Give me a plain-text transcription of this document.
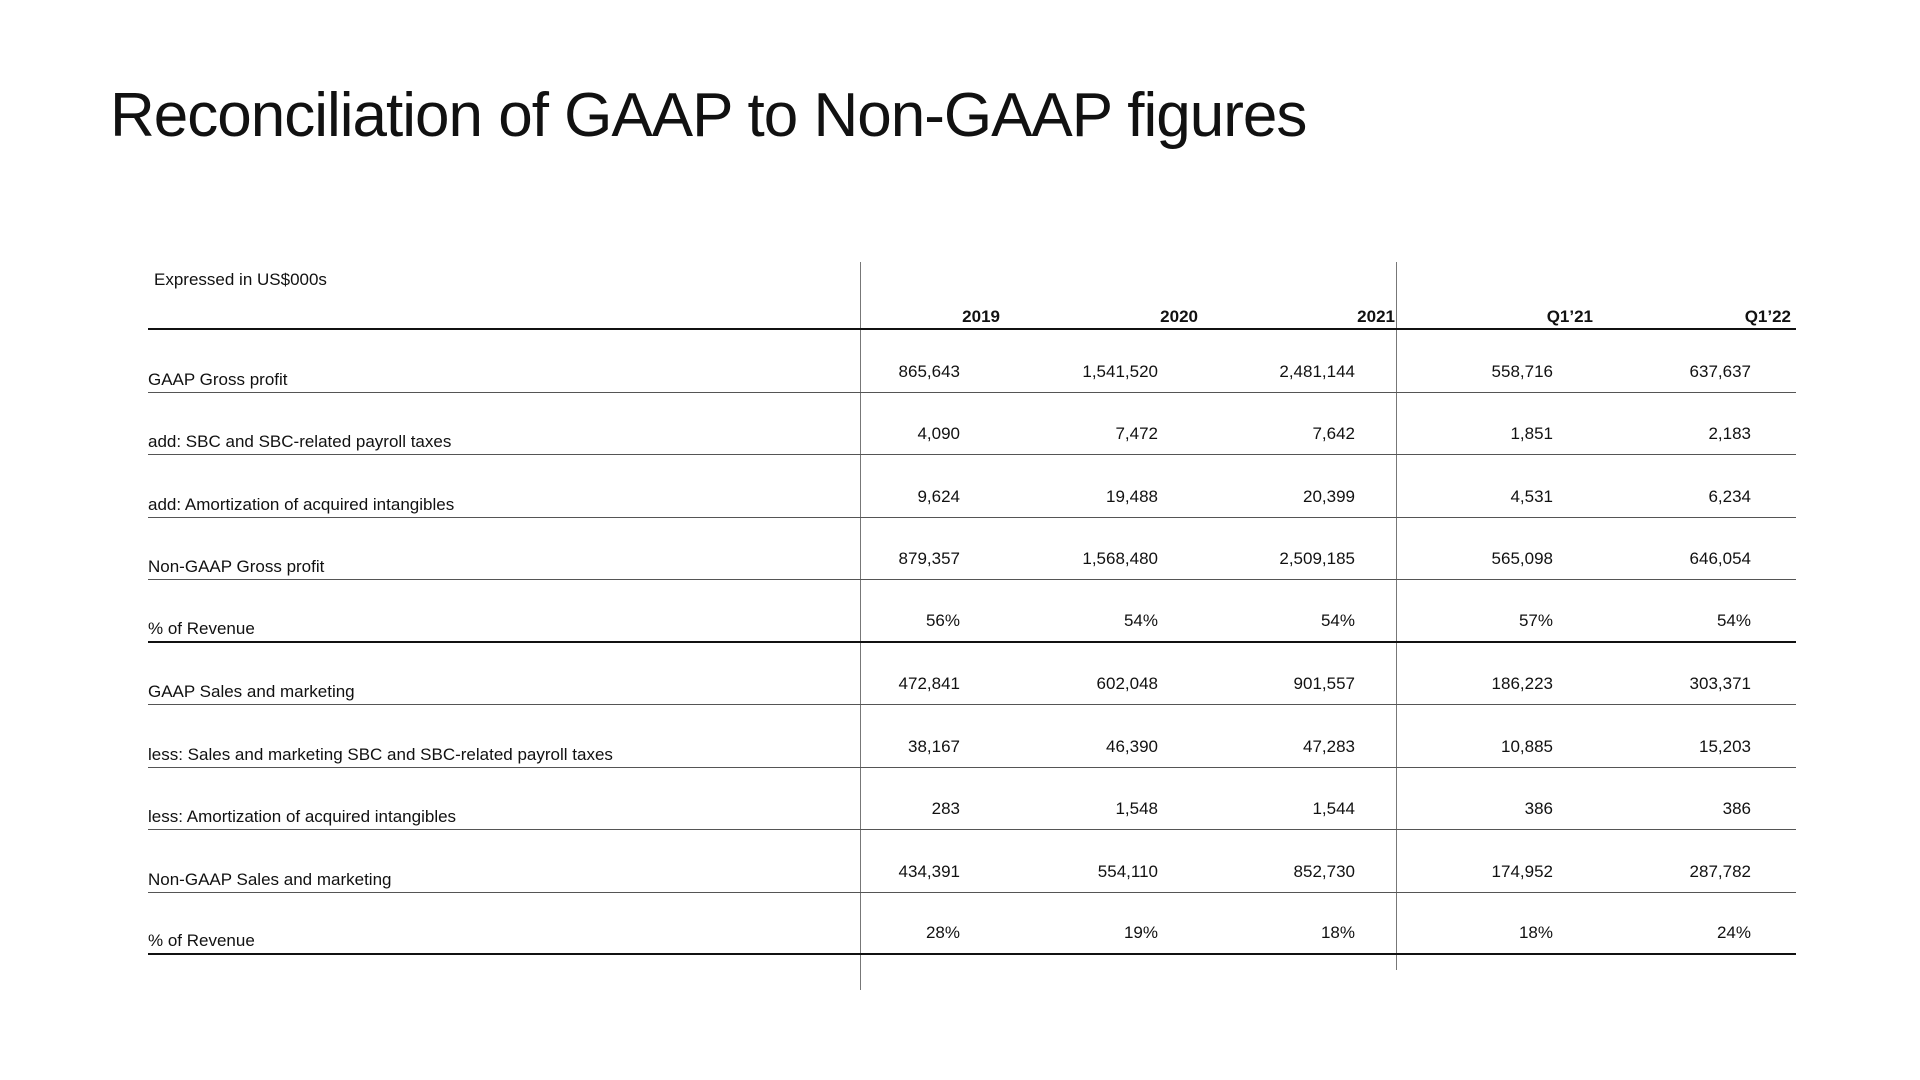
Reconciliation of GAAP to Non-GAAP figures
Expressed in US$000s
2019	2020	2021	Q1’21	Q1’22
GAAP Gross profit	865,643	1,541,520	2,481,144	558,716	637,637
add: SBC and SBC-related payroll taxes	4,090	7,472	7,642	1,851	2,183
add: Amortization of acquired intangibles	9,624	19,488	20,399	4,531	6,234
Non-GAAP Gross profit	879,357	1,568,480	2,509,185	565,098	646,054
% of Revenue	56%	54%	54%	57%	54%
GAAP Sales and marketing	472,841	602,048	901,557	186,223	303,371
less: Sales and marketing SBC and SBC-related payroll taxes	38,167	46,390	47,283	10,885	15,203
less: Amortization of acquired intangibles	283	1,548	1,544	386	386
Non-GAAP Sales and marketing	434,391	554,110	852,730	174,952	287,782
% of Revenue	28%	19%	18%	18%	24%
